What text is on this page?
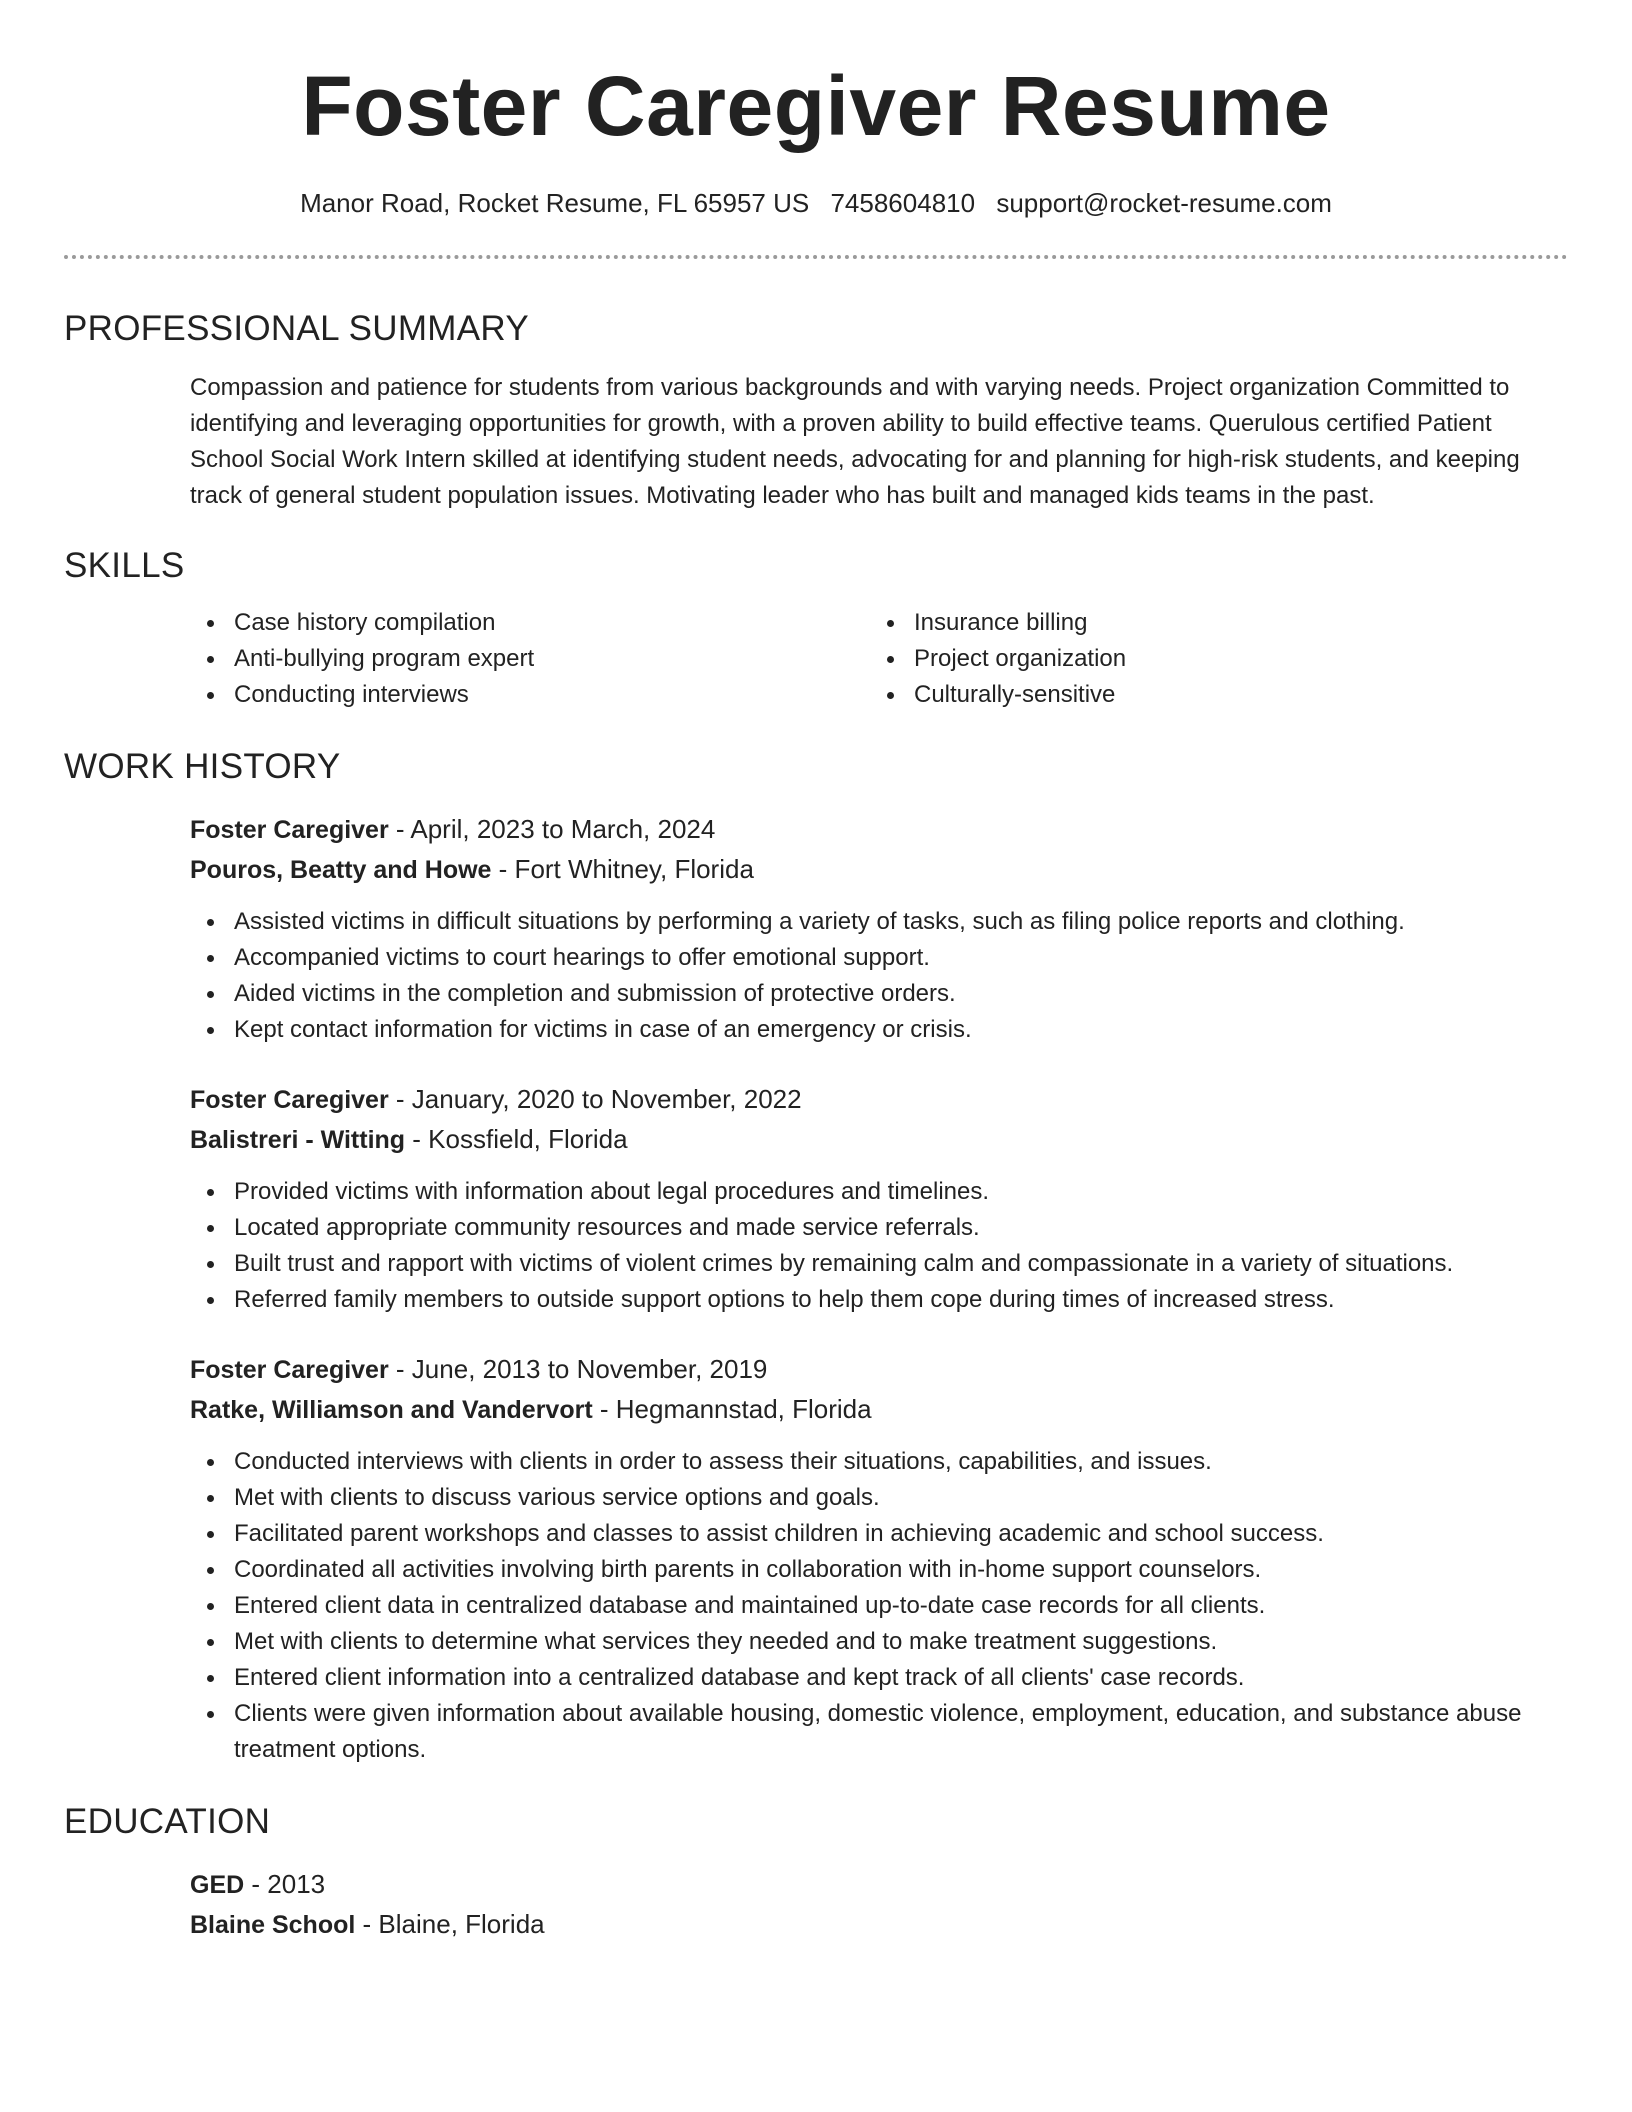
Foster Caregiver Resume
Manor Road, Rocket Resume, FL 65957 US 7458604810 support@rocket-resume.com
PROFESSIONAL SUMMARY

Compassion and patience for students from various backgrounds and with varying needs. Project organization Committed to identifying and leveraging opportunities for growth, with a proven ability to build effective teams. Querulous certified Patient School Social Work Intern skilled at identifying student needs, advocating for and planning for high-risk students, and keeping track of general student population issues. Motivating leader who has built and managed kids teams in the past.

SKILLS
Case history compilation
Anti-bullying program expert
Conducting interviews
Insurance billing
Project organization
Culturally-sensitive
WORK HISTORY
Foster Caregiver - April, 2023 to March, 2024
Pouros, Beatty and Howe - Fort Whitney, Florida
Assisted victims in difficult situations by performing a variety of tasks, such as filing police reports and clothing.
Accompanied victims to court hearings to offer emotional support.
Aided victims in the completion and submission of protective orders.
Kept contact information for victims in case of an emergency or crisis.
Foster Caregiver - January, 2020 to November, 2022
Balistreri - Witting - Kossfield, Florida
Provided victims with information about legal procedures and timelines.
Located appropriate community resources and made service referrals.
Built trust and rapport with victims of violent crimes by remaining calm and compassionate in a variety of situations.
Referred family members to outside support options to help them cope during times of increased stress.
Foster Caregiver - June, 2013 to November, 2019
Ratke, Williamson and Vandervort - Hegmannstad, Florida
Conducted interviews with clients in order to assess their situations, capabilities, and issues.
Met with clients to discuss various service options and goals.
Facilitated parent workshops and classes to assist children in achieving academic and school success.
Coordinated all activities involving birth parents in collaboration with in-home support counselors.
Entered client data in centralized database and maintained up-to-date case records for all clients.
Met with clients to determine what services they needed and to make treatment suggestions.
Entered client information into a centralized database and kept track of all clients' case records.
Clients were given information about available housing, domestic violence, employment, education, and substance abuse treatment options.
EDUCATION
GED - 2013
Blaine School - Blaine, Florida
